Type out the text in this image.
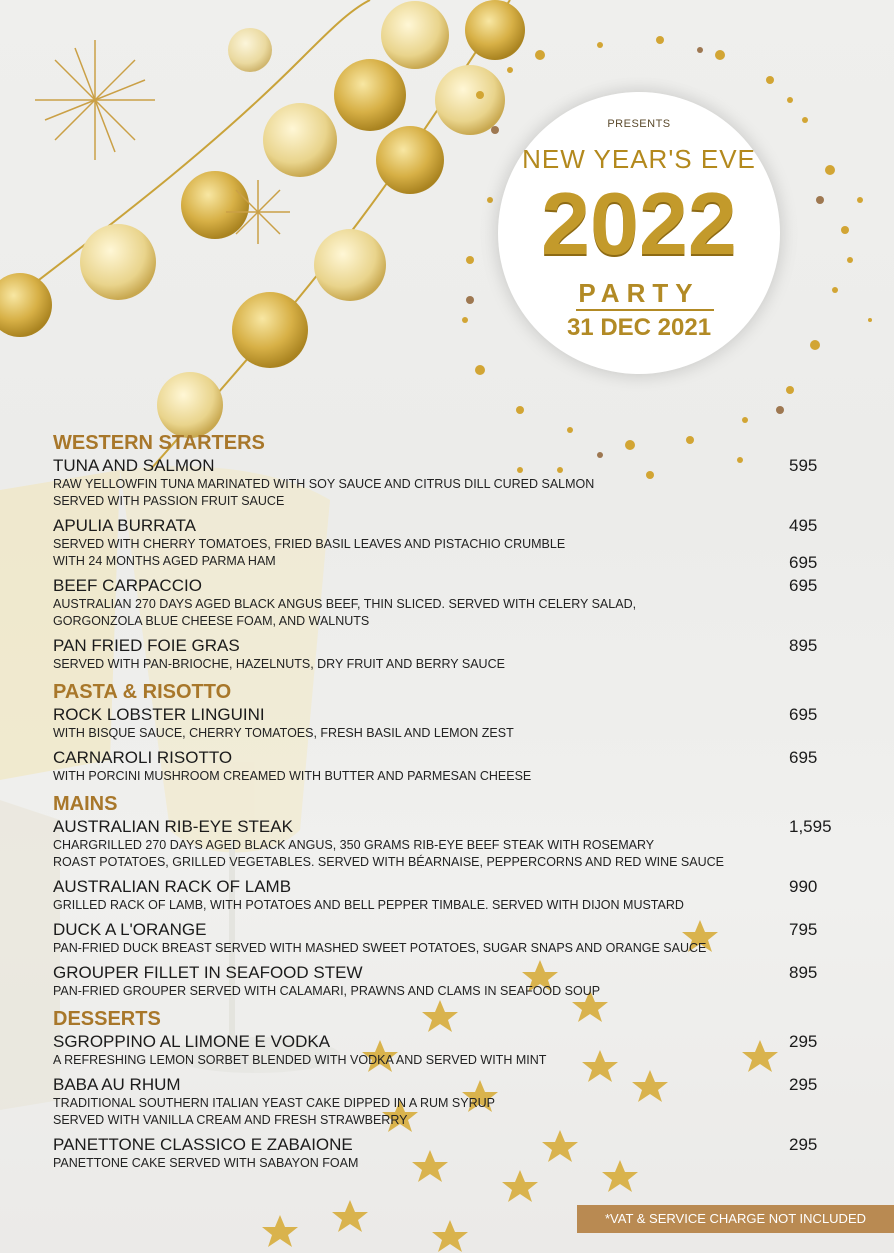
PRESENTS
NEW YEAR'S EVE
2022
PARTY
31 DEC 2021
WESTERN STARTERS
TUNA AND SALMON	595
RAW YELLOWFIN TUNA MARINATED WITH SOY SAUCE AND CITRUS DILL CURED SALMON
SERVED WITH PASSION FRUIT SAUCE
APULIA BURRATA	495
SERVED WITH CHERRY TOMATOES, FRIED BASIL LEAVES AND PISTACHIO CRUMBLE
WITH 24 MONTHS AGED PARMA HAM	695
BEEF CARPACCIO	695
AUSTRALIAN 270 DAYS AGED BLACK ANGUS BEEF, THIN SLICED. SERVED WITH CELERY SALAD,
GORGONZOLA BLUE CHEESE FOAM, AND WALNUTS
PAN FRIED FOIE GRAS	895
SERVED WITH PAN-BRIOCHE, HAZELNUTS, DRY FRUIT AND BERRY SAUCE
PASTA & RISOTTO
ROCK LOBSTER LINGUINI	695
WITH BISQUE SAUCE, CHERRY TOMATOES, FRESH BASIL AND LEMON ZEST
CARNAROLI RISOTTO	695
WITH PORCINI MUSHROOM CREAMED WITH BUTTER AND PARMESAN CHEESE
MAINS
AUSTRALIAN RIB-EYE STEAK	1,595
CHARGRILLED 270 DAYS AGED BLACK ANGUS, 350 GRAMS RIB-EYE BEEF STEAK WITH ROSEMARY
ROAST POTATOES, GRILLED VEGETABLES. SERVED WITH BÉARNAISE, PEPPERCORNS AND RED WINE SAUCE
AUSTRALIAN RACK OF LAMB	990
GRILLED RACK OF LAMB, WITH POTATOES AND BELL PEPPER TIMBALE. SERVED WITH DIJON MUSTARD
DUCK A L'ORANGE	795
PAN-FRIED DUCK BREAST SERVED WITH MASHED SWEET POTATOES, SUGAR SNAPS AND ORANGE SAUCE
GROUPER FILLET IN SEAFOOD STEW	895
PAN-FRIED GROUPER SERVED WITH CALAMARI, PRAWNS AND CLAMS IN SEAFOOD SOUP
DESSERTS
SGROPPINO AL LIMONE E VODKA	295
A REFRESHING LEMON SORBET BLENDED WITH VODKA AND SERVED WITH MINT
BABA AU RHUM	295
TRADITIONAL SOUTHERN ITALIAN YEAST CAKE DIPPED IN A RUM SYRUP
SERVED WITH VANILLA CREAM AND FRESH STRAWBERRY
PANETTONE CLASSICO E ZABAIONE	295
PANETTONE CAKE SERVED WITH SABAYON FOAM
*VAT & SERVICE CHARGE NOT INCLUDED
